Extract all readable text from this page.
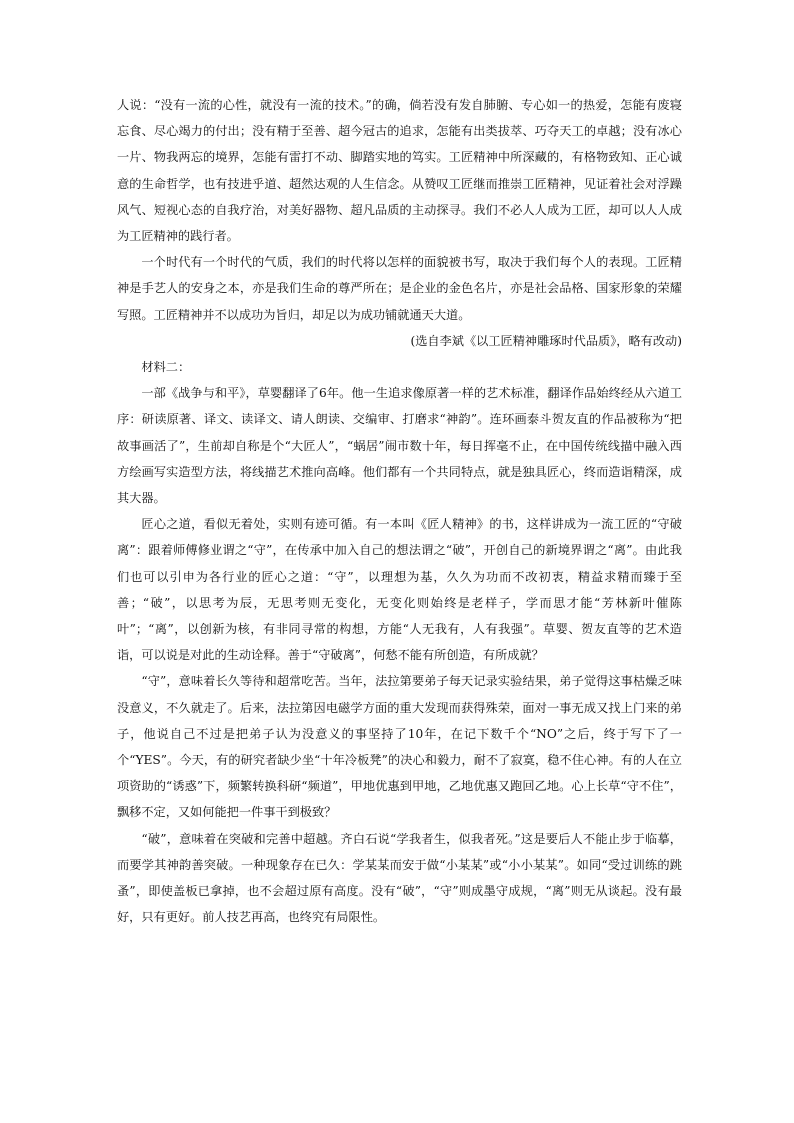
人说：“没有一流的心性，就没有一流的技术。”的确，倘若没有发自肺腑、专心如一的热爱，怎能有废寝忘食、尽心竭力的付出；没有精于至善、超今冠古的追求，怎能有出类拔萃、巧夺天工的卓越；没有冰心一片、物我两忘的境界，怎能有雷打不动、脚踏实地的笃实。工匠精神中所深藏的，有格物致知、正心诚意的生命哲学，也有技进乎道、超然达观的人生信念。从赞叹工匠继而推崇工匠精神，见证着社会对浮躁风气、短视心态的自我疗治，对美好器物、超凡品质的主动探寻。我们不必人人成为工匠，却可以人人成为工匠精神的践行者。

一个时代有一个时代的气质，我们的时代将以怎样的面貌被书写，取决于我们每个人的表现。工匠精神是手艺人的安身之本，亦是我们生命的尊严所在；是企业的金色名片，亦是社会品格、国家形象的荣耀写照。工匠精神并不以成功为旨归，却足以为成功铺就通天大道。

(选自李斌《以工匠精神雕琢时代品质》，略有改动)

材料二：

一部《战争与和平》，草婴翻译了6年。他一生追求像原著一样的艺术标准，翻译作品始终经从六道工序：研读原著、译文、读译文、请人朗读、交编审、打磨求“神韵”。连环画泰斗贺友直的作品被称为“把故事画活了”，生前却自称是个“大匠人”，“蜗居”闹市数十年，每日挥毫不止，在中国传统线描中融入西方绘画写实造型方法，将线描艺术推向高峰。他们都有一个共同特点，就是独具匠心，终而造诣精深，成其大器。

匠心之道，看似无着处，实则有迹可循。有一本叫《匠人精神》的书，这样讲成为一流工匠的“守破离”：跟着师傅修业谓之“守”，在传承中加入自己的想法谓之“破”，开创自己的新境界谓之“离”。由此我们也可以引申为各行业的匠心之道：“守”，以理想为基，久久为功而不改初衷，精益求精而臻于至善；“破”，以思考为辰，无思考则无变化，无变化则始终是老样子，学而思才能“芳林新叶催陈叶”；“离”，以创新为核，有非同寻常的构想，方能“人无我有，人有我强”。草婴、贺友直等的艺术造诣，可以说是对此的生动诠释。善于“守破离”，何愁不能有所创造，有所成就？

“守”，意味着长久等待和超常吃苦。当年，法拉第要弟子每天记录实验结果，弟子觉得这事枯燥乏味没意义，不久就走了。后来，法拉第因电磁学方面的重大发现而获得殊荣，面对一事无成又找上门来的弟子，他说自己不过是把弟子认为没意义的事坚持了10年，在记下数千个“NO”之后，终于写下了一个“YES”。今天，有的研究者缺少坐“十年冷板凳”的决心和毅力，耐不了寂寞，稳不住心神。有的人在立项资助的“诱惑”下，频繁转换科研“频道”，甲地优惠到甲地，乙地优惠又跑回乙地。心上长草“守不住”，飘移不定，又如何能把一件事干到极致？

“破”，意味着在突破和完善中超越。齐白石说“学我者生，似我者死。”这是要后人不能止步于临摹，而要学其神韵善突破。一种现象存在已久：学某某而安于做“小某某”或“小小某某”。如同“受过训练的跳蚤”，即使盖板已拿掉，也不会超过原有高度。没有“破”，“守”则成墨守成规，“离”则无从谈起。没有最好，只有更好。前人技艺再高，也终究有局限性。
